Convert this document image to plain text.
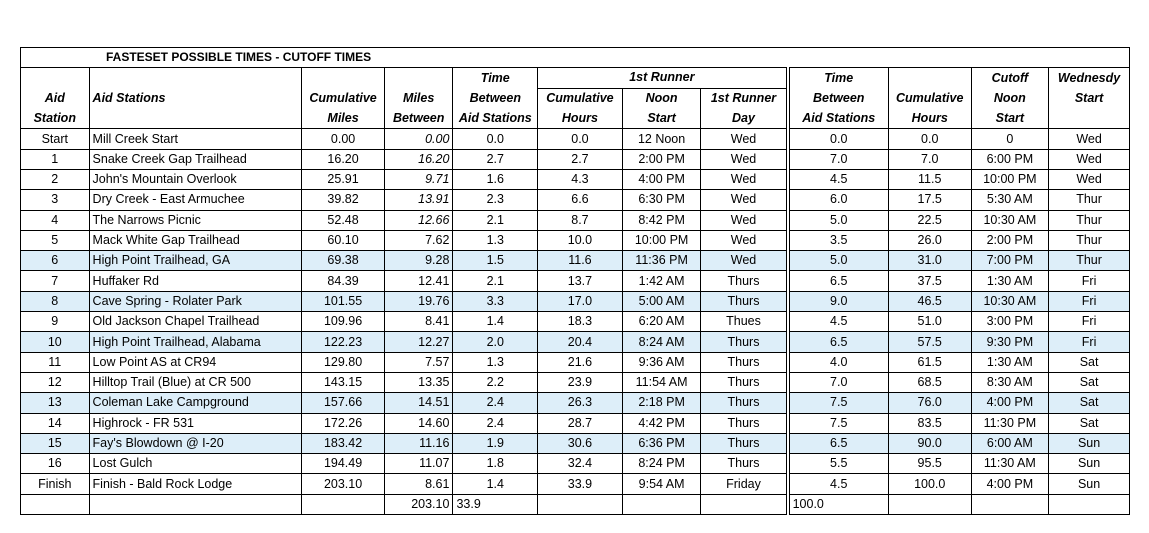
FASTESET POSSIBLE TIMES - CUTOFF TIMES											
				Time	1st Runner			Time		Cutoff	Wednesdy
Aid	Aid Stations	Cumulative	Miles	Between	Cumulative	Noon	1st Runner	Between	Cumulative	Noon	Start
Station		Miles	Between	Aid Stations	Hours	Start	Day	Aid Stations	Hours	Start	
Start	Mill Creek Start	0.00	0.00	0.0	0.0	12 Noon	Wed	0.0	0.0	0	Wed
1	Snake Creek Gap Trailhead	16.20	16.20	2.7	2.7	2:00 PM	Wed	7.0	7.0	6:00 PM	Wed
2	John's Mountain Overlook	25.91	9.71	1.6	4.3	4:00 PM	Wed	4.5	11.5	10:00 PM	Wed
3	Dry Creek - East Armuchee	39.82	13.91	2.3	6.6	6:30 PM	Wed	6.0	17.5	5:30 AM	Thur
4	The Narrows Picnic	52.48	12.66	2.1	8.7	8:42 PM	Wed	5.0	22.5	10:30 AM	Thur
5	Mack White Gap Trailhead	60.10	7.62	1.3	10.0	10:00 PM	Wed	3.5	26.0	2:00 PM	Thur
6	High Point Trailhead, GA	69.38	9.28	1.5	11.6	11:36 PM	Wed	5.0	31.0	7:00 PM	Thur
7	Huffaker Rd	84.39	12.41	2.1	13.7	1:42 AM	Thurs	6.5	37.5	1:30 AM	Fri
8	Cave Spring - Rolater Park	101.55	19.76	3.3	17.0	5:00 AM	Thurs	9.0	46.5	10:30 AM	Fri
9	Old Jackson Chapel Trailhead	109.96	8.41	1.4	18.3	6:20 AM	Thues	4.5	51.0	3:00 PM	Fri
10	High Point Trailhead, Alabama	122.23	12.27	2.0	20.4	8:24 AM	Thurs	6.5	57.5	9:30 PM	Fri
11	Low Point AS at CR94	129.80	7.57	1.3	21.6	9:36 AM	Thurs	4.0	61.5	1:30 AM	Sat
12	Hilltop Trail (Blue) at CR 500	143.15	13.35	2.2	23.9	11:54 AM	Thurs	7.0	68.5	8:30 AM	Sat
13	Coleman Lake Campground	157.66	14.51	2.4	26.3	2:18 PM	Thurs	7.5	76.0	4:00 PM	Sat
14	Highrock - FR 531	172.26	14.60	2.4	28.7	4:42 PM	Thurs	7.5	83.5	11:30 PM	Sat
15	Fay's Blowdown @ I-20	183.42	11.16	1.9	30.6	6:36 PM	Thurs	6.5	90.0	6:00 AM	Sun
16	Lost Gulch	194.49	11.07	1.8	32.4	8:24 PM	Thurs	5.5	95.5	11:30 AM	Sun
Finish	Finish - Bald Rock Lodge	203.10	8.61	1.4	33.9	9:54 AM	Friday	4.5	100.0	4:00 PM	Sun
			203.10	33.9				100.0			
